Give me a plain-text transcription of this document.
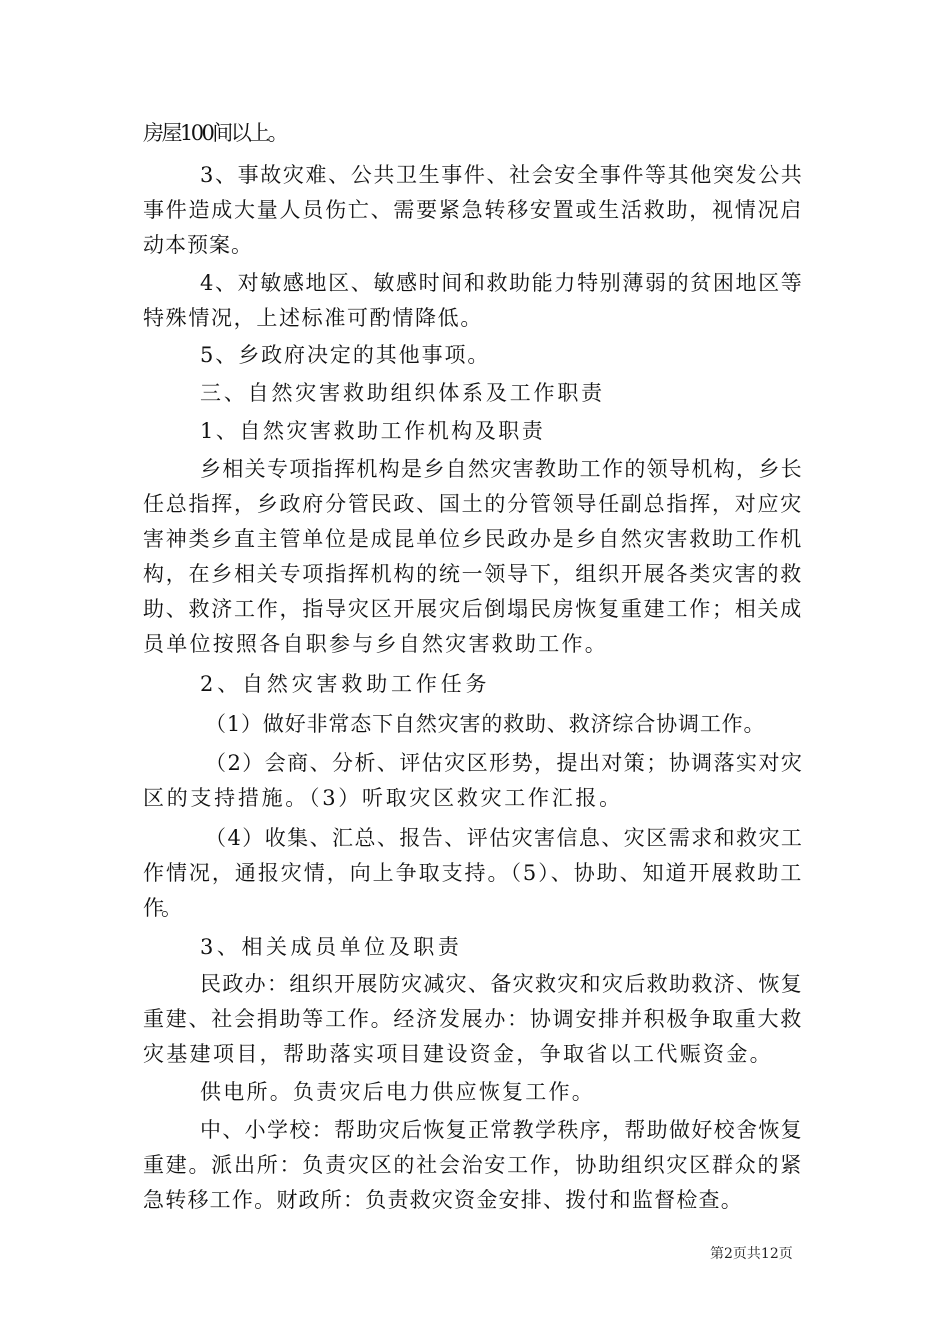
房屋100间以上。
3、事故灾难、公共卫生事件、社会安全事件等其他突发公共
事件造成大量人员伤亡、需要紧急转移安置或生活救助，视情况启
动本预案。
4、对敏感地区、敏感时间和救助能力特别薄弱的贫困地区等
特殊情况，上述标准可酌情降低。
5、乡政府决定的其他事项。
三、自然灾害救助组织体系及工作职责
1、自然灾害救助工作机构及职责
乡相关专项指挥机构是乡自然灾害教助工作的领导机构，乡长
任总指挥，乡政府分管民政、国土的分管领导任副总指挥，对应灾
害神类乡直主管单位是成昆单位乡民政办是乡自然灾害救助工作机
构，在乡相关专项指挥机构的统一领导下，组织开展各类灾害的救
助、救济工作，指导灾区开展灾后倒塌民房恢复重建工作；相关成
员单位按照各自职参与乡自然灾害救助工作。
2、自然灾害救助工作任务
（1）做好非常态下自然灾害的救助、救济综合协调工作。
（2）会商、分析、评估灾区形势，提出对策；协调落实对灾
区的支持措施。（3）听取灾区救灾工作汇报。
（4）收集、汇总、报告、评估灾害信息、灾区需求和救灾工
作情况，通报灾情，向上争取支持。（5）、协助、知道开展救助工
作。
3、相关成员单位及职责
民政办：组织开展防灾减灾、备灾救灾和灾后救助救济、恢复
重建、社会捐助等工作。经济发展办：协调安排并积极争取重大救
灾基建项目，帮助落实项目建设资金，争取省以工代赈资金。
供电所。负责灾后电力供应恢复工作。
中、小学校：帮助灾后恢复正常教学秩序，帮助做好校舍恢复
重建。派出所：负责灾区的社会治安工作，协助组织灾区群众的紧
急转移工作。财政所：负责救灾资金安排、拨付和监督检查。
第2页共12页
